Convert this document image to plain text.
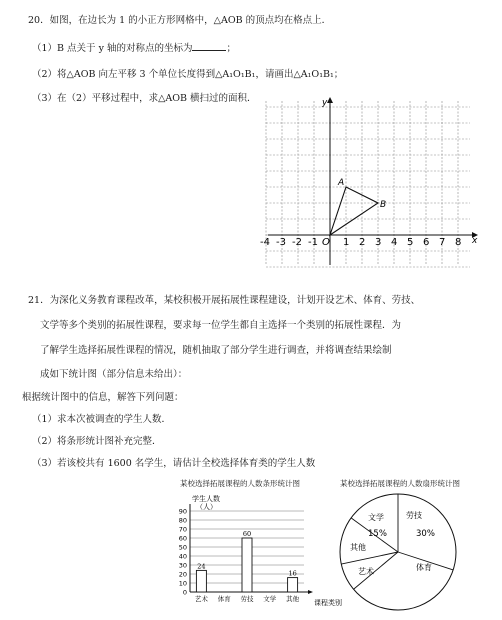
20．如图，在边长为 1 的小正方形网格中，△AOB 的顶点均在格点上．
（1）B 点关于 y 轴的对称点的坐标为	；
（2）将△AOB 向左平移 3 个单位长度得到△A₁O₁B₁，请画出△A₁O₁B₁；
（3）在（2）平移过程中，求△AOB 横扫过的面积．
x
y
A
B
-4 -3 -2 -1	1 2 3 4 5 6 7 8
O
21．为深化义务教育课程改革，某校积极开展拓展性课程建设，计划开设艺术、体育、劳技、
文学等多个类别的拓展性课程，要求每一位学生都自主选择一个类别的拓展性课程．为
了解学生选择拓展性课程的情况，随机抽取了部分学生进行调查，并将调查结果绘制
成如下统计图（部分信息未给出）：
根据统计图中的信息，解答下列问题：
（1）求本次被调查的学生人数．
（2）将条形统计图补充完整．
（3）若该校共有 1600 名学生，请估计全校选择体育类的学生人数
某校选择拓展课程的人数条形统计图
0
10
20
30
40
50
60
70
80
90
24
60
16
艺术 体育 劳技 文学 其他
学生人数
（人）
课程类别
某校选择拓展课程的人数扇形统计图
劳技
30%
体育
艺术
其他
文学
15%
